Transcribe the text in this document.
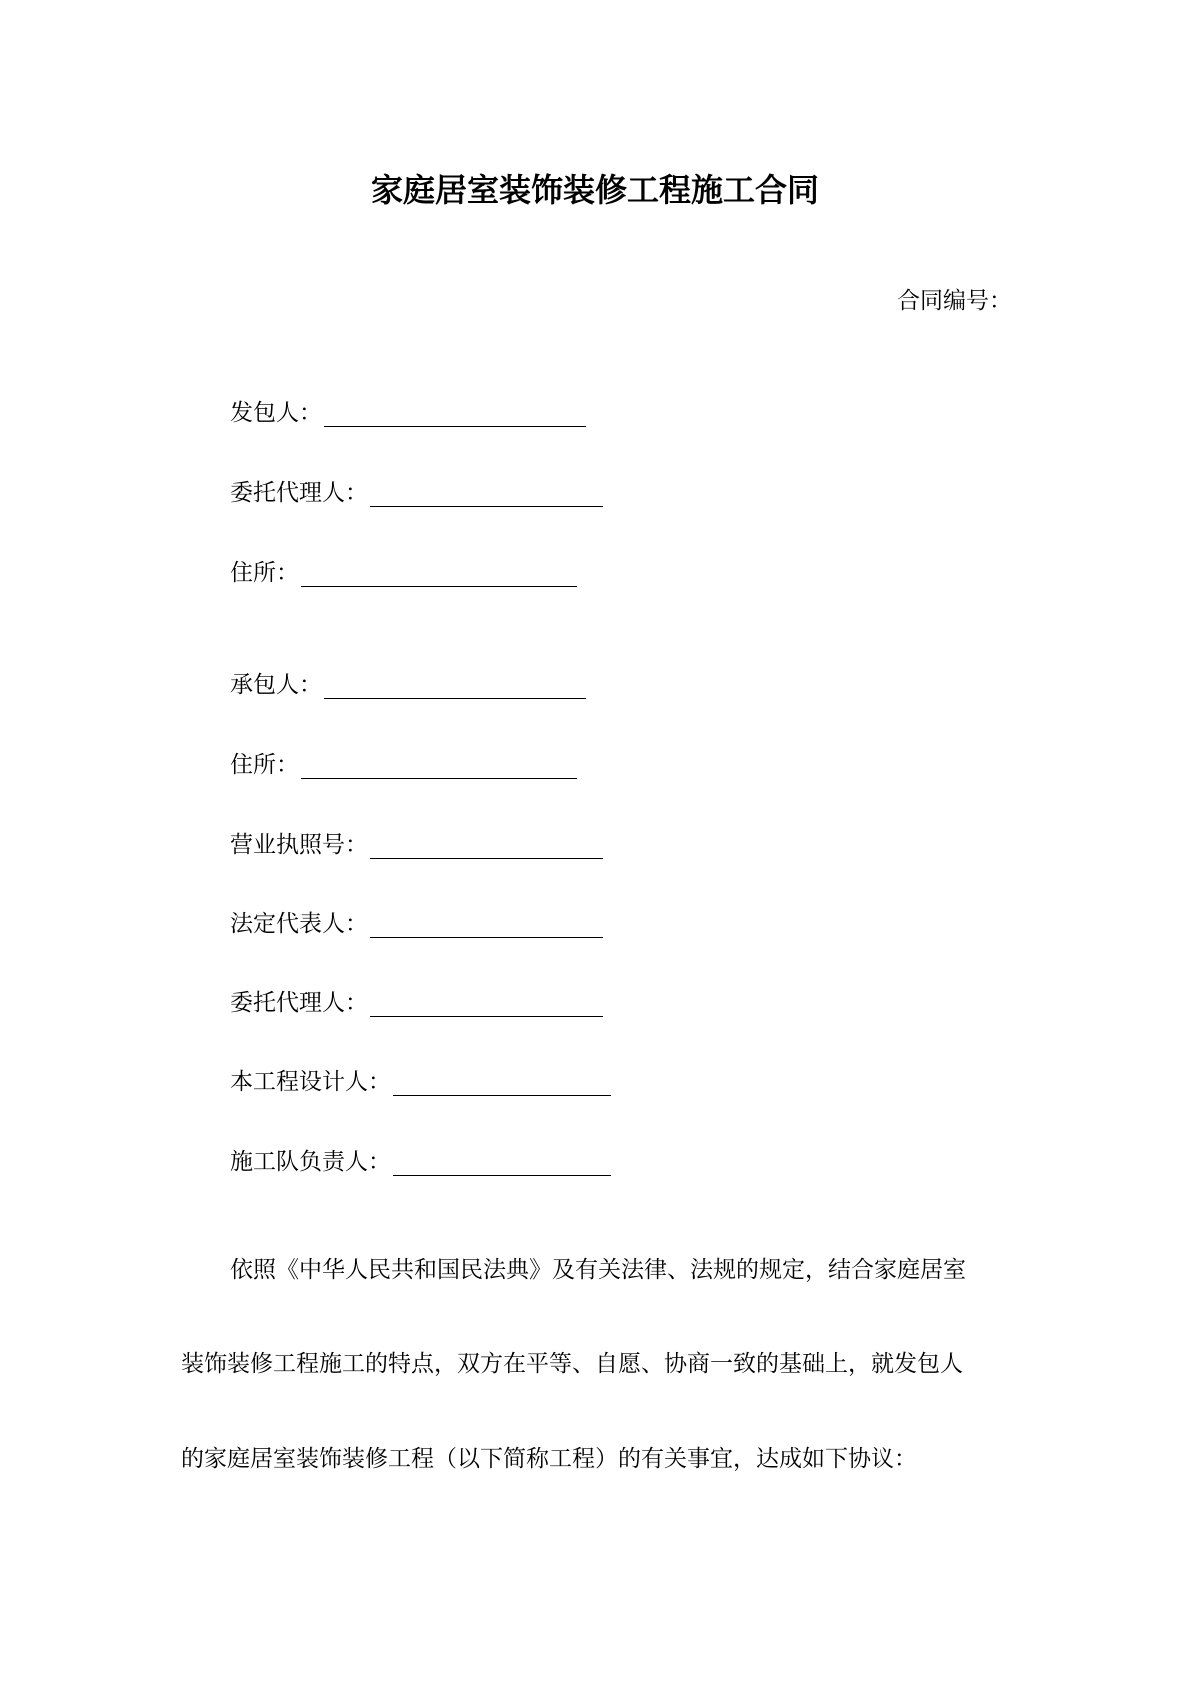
家庭居室装饰装修工程施工合同
合同编号：
发包人：
委托代理人：
住所：
承包人：
住所：
营业执照号：
法定代表人：
委托代理人：
本工程设计人：
施工队负责人：
依照《中华人民共和国民法典》及有关法律、法规的规定，结合家庭居室
装饰装修工程施工的特点，双方在平等、自愿、协商一致的基础上，就发包人
的家庭居室装饰装修工程（以下简称工程）的有关事宜，达成如下协议：
